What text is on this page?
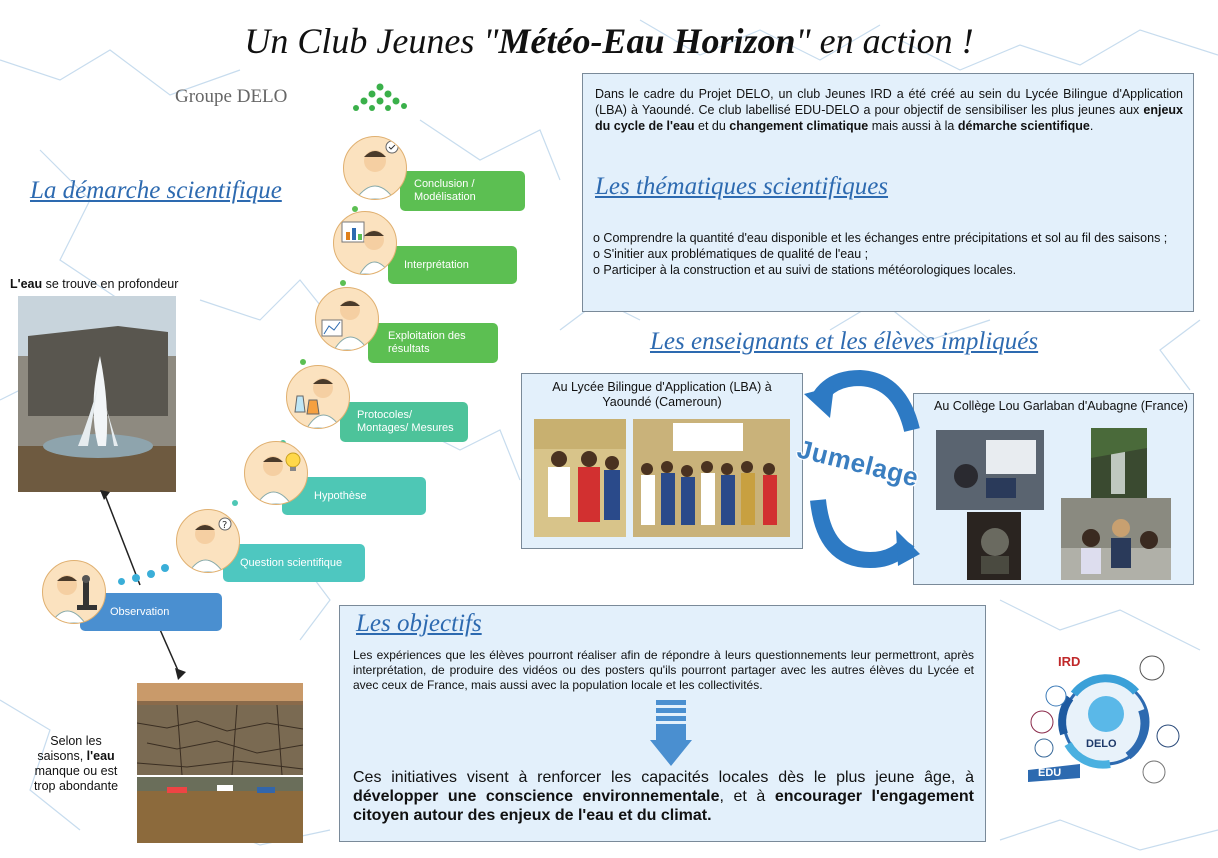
Un Club Jeunes "Météo-Eau Horizon" en action !
Groupe DELO	Dans le cadre du Projet DELO, un club Jeunes IRD a été créé au sein du Lycée Bilingue d'Application (LBA) à Yaoundé. Ce club labellisé EDU-DELO a pour objectif de sensibiliser les plus jeunes aux enjeux du cycle de l'eau et du changement climatique mais aussi à la démarche scientifique.
Les thématiques scientifiques
o Comprendre la quantité d'eau disponible et les échanges entre précipitations et sol au fil des saisons ;
o S'initier aux problématiques de qualité de l'eau ;
o Participer à la construction et au suivi de stations météorologiques locales.
La démarche scientifique	Conclusion / Modélisation
Interprétation
Exploitation des résultats
Protocoles/ Montages/ Mesures
Hypothèse
Question scientifique
Observation
?
L'eau se trouve en profondeur
Selon les
saisons, l'eau
manque ou est
trop abondante
Les enseignants et les élèves impliqués
Au Lycée Bilingue d'Application (LBA) à Yaoundé (Cameroun)	Au Collège Lou Garlaban d'Aubagne (France)
Jumelage
Les objectifs
Les expériences que les élèves pourront réaliser afin de répondre à leurs questionnements leur permettront, après interprétation, de produire des vidéos ou des posters qu'ils pourront partager avec les autres élèves du Lycée et avec ceux de France, mais aussi avec la population locale et les collectivités.
Ces initiatives visent à renforcer les capacités locales dès le plus jeune âge, à développer une conscience environnementale, et à encourager l'engagement citoyen autour des enjeux de l'eau et du climat.
DELO
IRD
EDU
